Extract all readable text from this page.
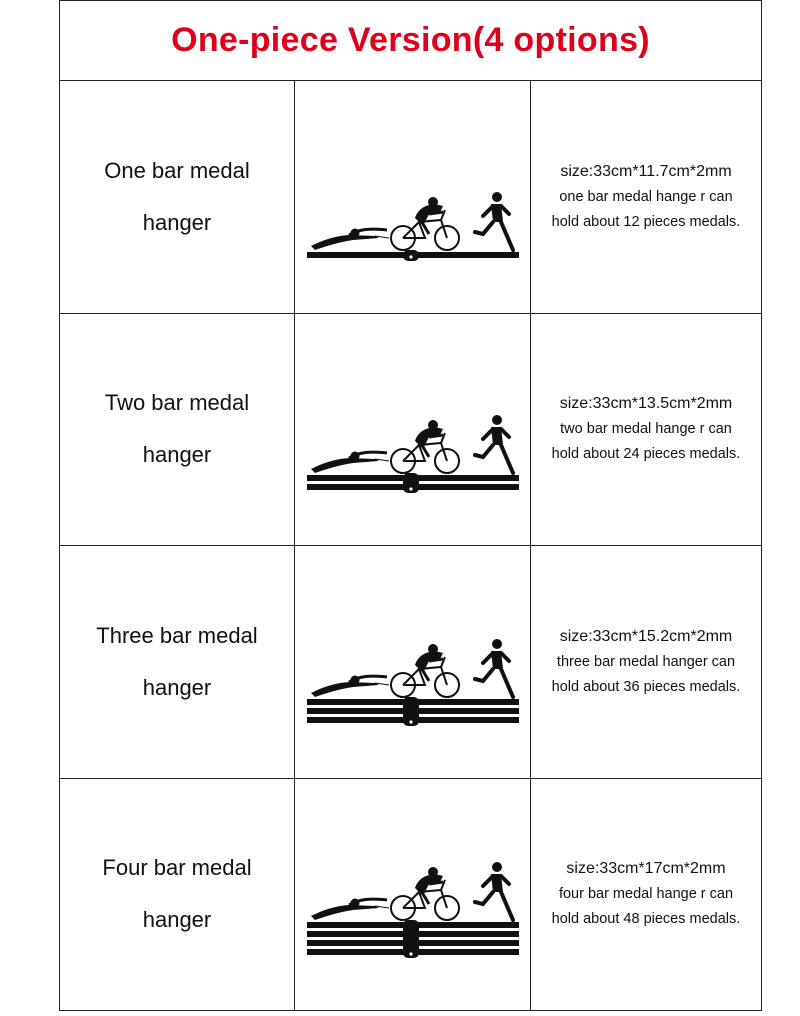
One-piece Version(4 options)
One bar medal
hanger
size:33cm*11.7cm*2mm
one bar medal hange r can
hold about 12 pieces medals.
Two bar medal
hanger
size:33cm*13.5cm*2mm
two bar medal hange r can
hold about 24 pieces medals.
Three bar medal
hanger
size:33cm*15.2cm*2mm
three bar medal hanger can
hold about 36 pieces medals.
Four bar medal
hanger
size:33cm*17cm*2mm
four bar medal hange r can
hold about 48 pieces medals.
